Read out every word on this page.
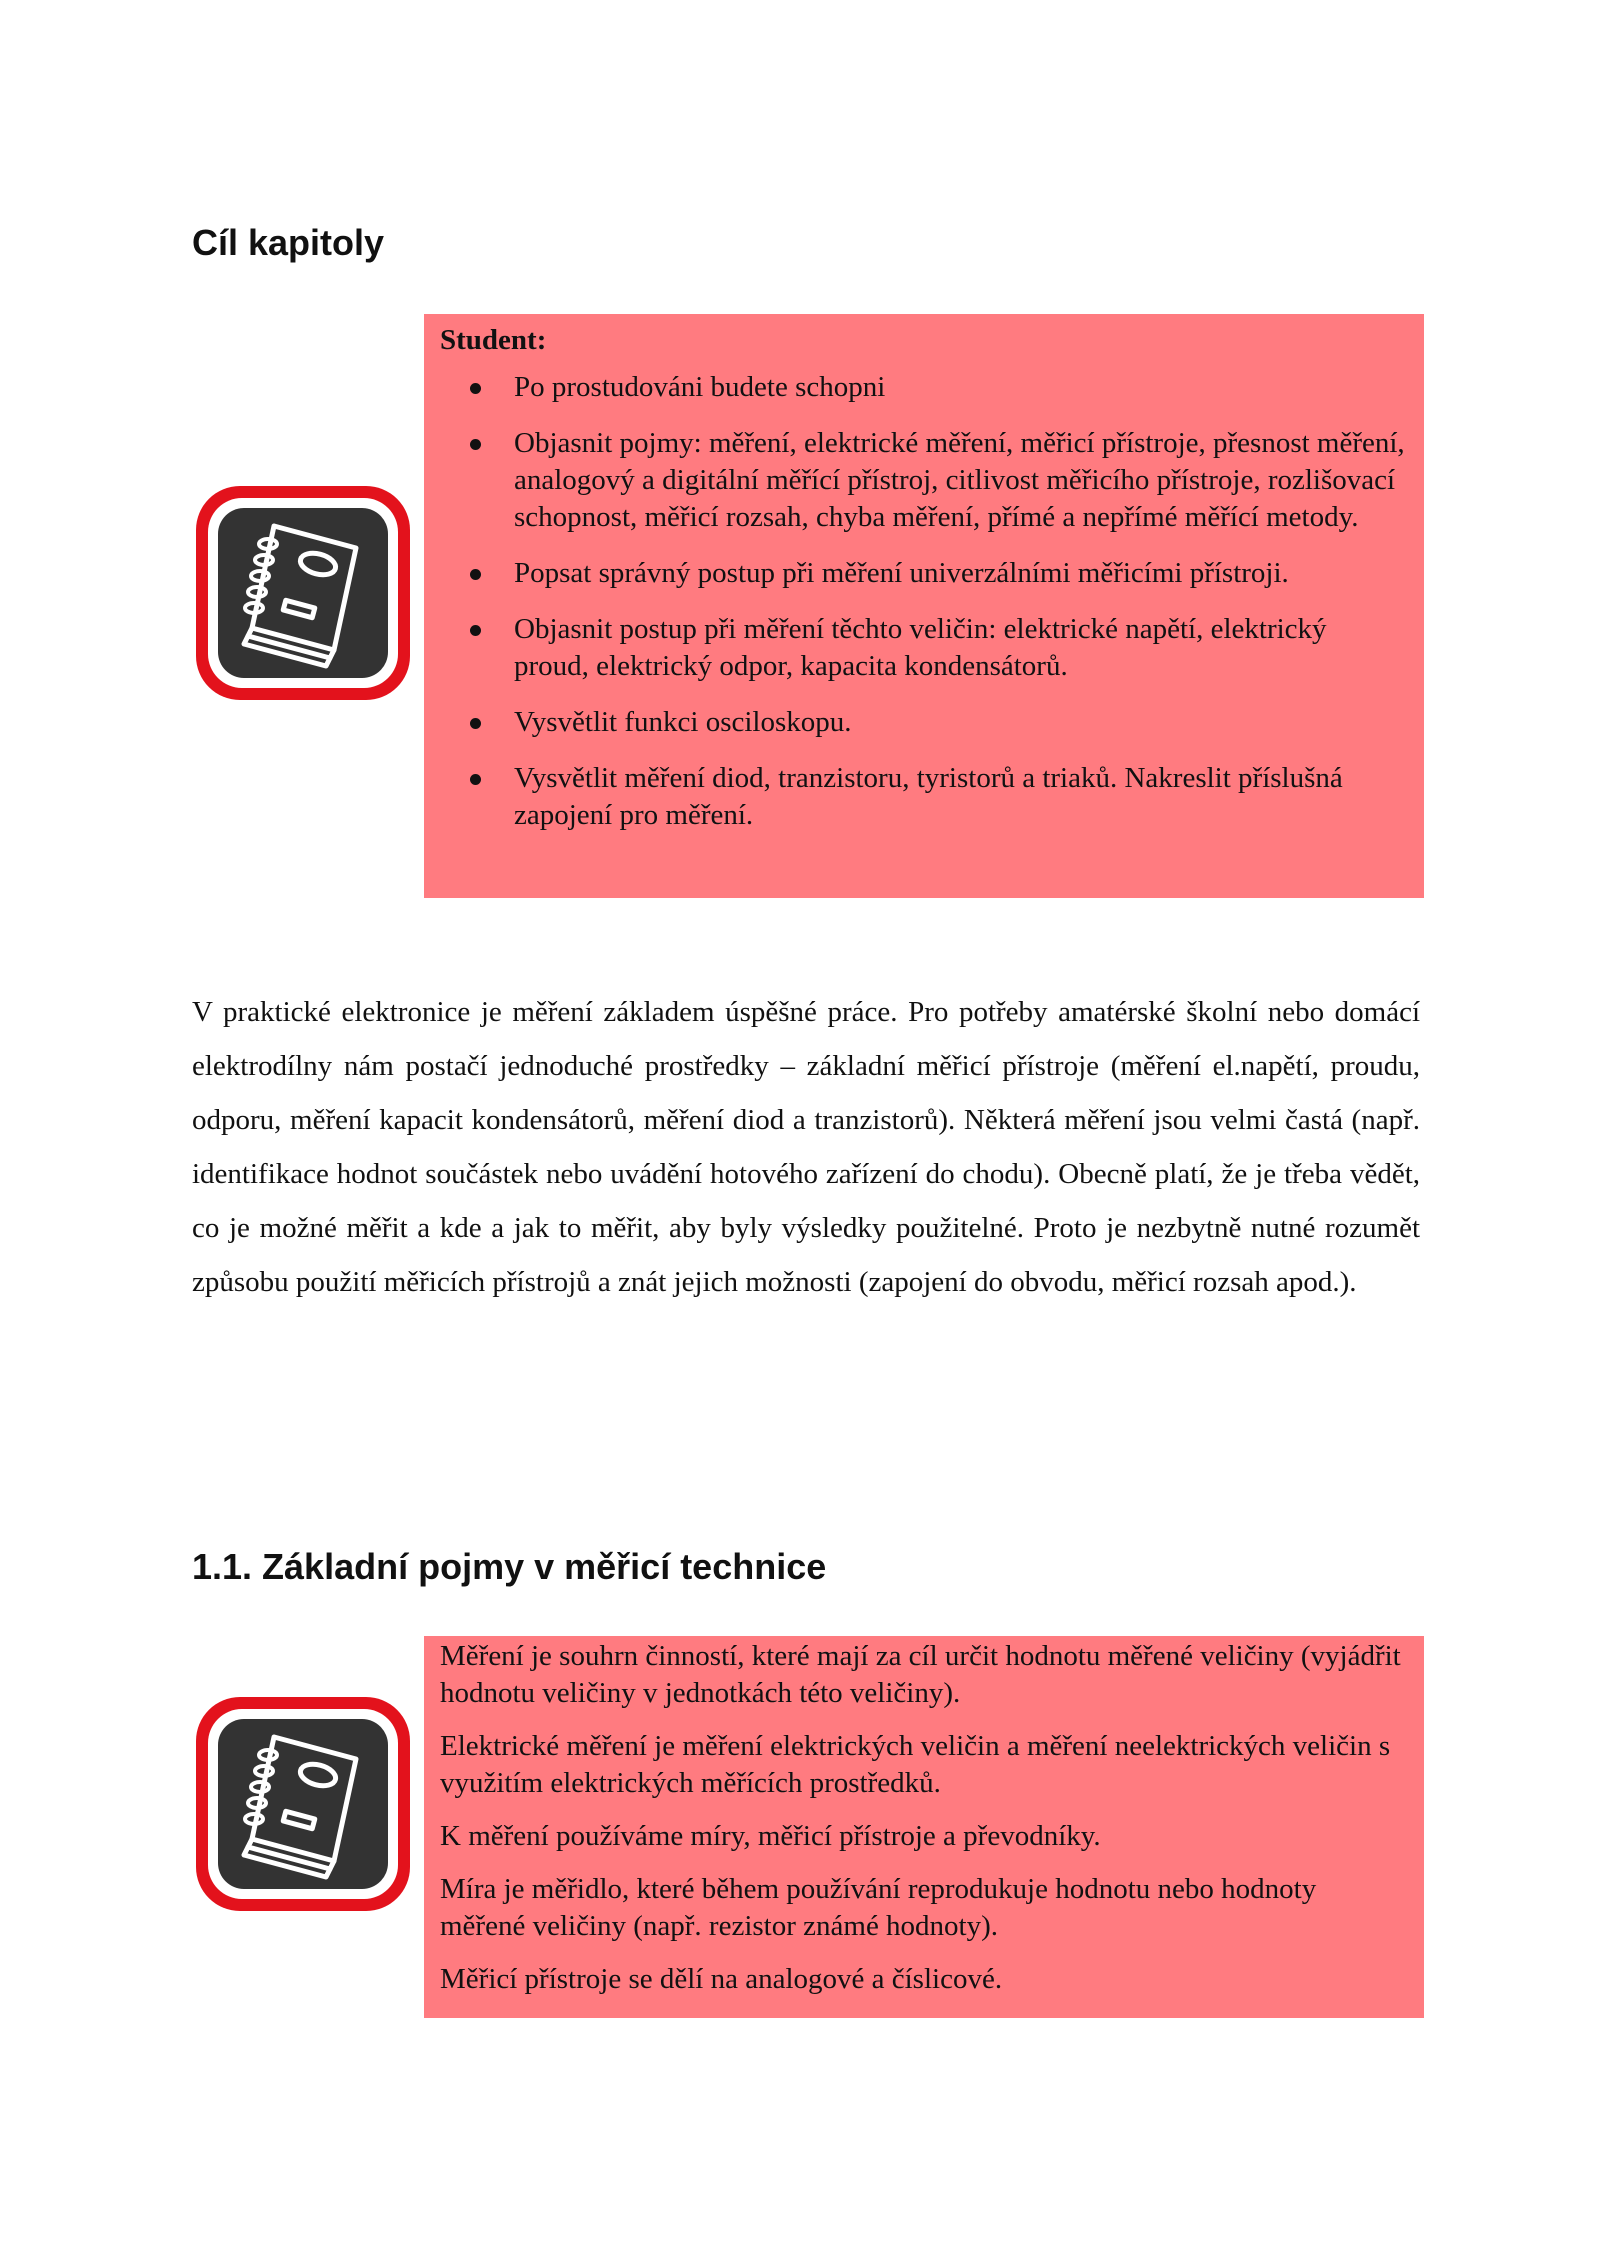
Cíl kapitoly

Student:

Po prostudováni budete schopni
Objasnit pojmy: měření, elektrické měření, měřicí přístroje, přesnost měření, analogový a digitální měřící přístroj, citlivost měřicího přístroje, rozlišovací schopnost, měřicí rozsah, chyba měření, přímé a nepřímé měřící metody.
Popsat správný postup při měření univerzálními měřicími přístroji.
Objasnit postup při měření těchto veličin: elektrické napětí, elektrický proud, elektrický odpor, kapacita kondensátorů.
Vysvětlit funkci osciloskopu.
Vysvětlit měření diod, tranzistoru, tyristorů a triaků. Nakreslit příslušná zapojení pro měření.

V praktické elektronice je měření základem úspěšné práce. Pro potřeby amatérské školní nebo domácí elektrodílny nám postačí jednoduché prostředky – základní měřicí přístroje (měření el.napětí, proudu, odporu, měření kapacit kondensátorů, měření diod a tranzistorů). Některá měření jsou velmi častá (např. identifikace hodnot součástek nebo uvádění hotového zařízení do chodu). Obecně platí, že je třeba vědět, co je možné měřit a kde a jak to měřit, aby byly výsledky použitelné. Proto je nezbytně nutné rozumět způsobu použití měřicích přístrojů a znát jejich možnosti (zapojení do obvodu, měřicí rozsah apod.).

1.1. Základní pojmy v měřicí technice

Měření je souhrn činností, které mají za cíl určit hodnotu měřené veličiny (vyjádřit hodnotu veličiny v jednotkách této veličiny).

Elektrické měření je měření elektrických veličin a měření neelektrických veličin s využitím elektrických měřících prostředků.

K měření používáme míry, měřicí přístroje a převodníky.

Míra je měřidlo, které během používání reprodukuje hodnotu nebo hodnoty měřené veličiny (např. rezistor známé hodnoty).

Měřicí přístroje se dělí na analogové a číslicové.
